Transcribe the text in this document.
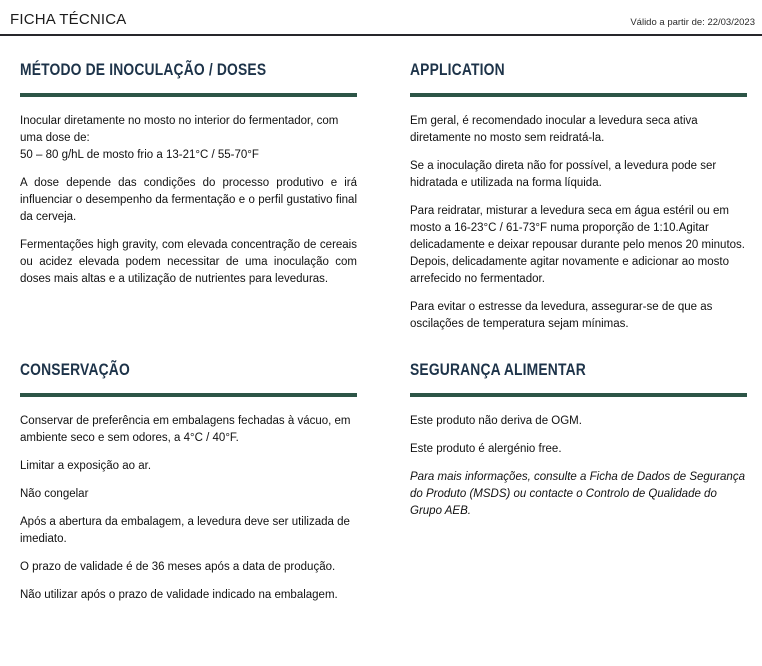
FICHA TÉCNICA	Válido a partir de: 22/03/2023
MÉTODO DE INOCULAÇÃO / DOSES

Inocular diretamente no mosto no interior do fermentador, com uma dose de:
50 – 80 g/hL de mosto frio a 13-21°C / 55-70°F

A dose depende das condições do processo produtivo e irá influenciar o desempenho da fermentação e o perfil gustativo final da cerveja.

Fermentações high gravity, com elevada concentração de cereais ou acidez elevada podem necessitar de uma inoculação com doses mais altas e a utilização de nutrientes para leveduras.

APPLICATION

Em geral, é recomendado inocular a levedura seca ativa diretamente no mosto sem reidratá-la.

Se a inoculação direta não for possível, a levedura pode ser hidratada e utilizada na forma líquida.

Para reidratar, misturar a levedura seca em água estéril ou em mosto a 16-23°C / 61-73°F numa proporção de 1:10.Agitar delicadamente e deixar repousar durante pelo menos 20 minutos. Depois, delicadamente agitar novamente e adicionar ao mosto arrefecido no fermentador.

Para evitar o estresse da levedura, assegurar-se de que as oscilações de temperatura sejam mínimas.

CONSERVAÇÃO

Conservar de preferência em embalagens fechadas à vácuo, em ambiente seco e sem odores, a 4°C / 40°F.

Limitar a exposição ao ar.

Não congelar

Após a abertura da embalagem, a levedura deve ser utilizada de imediato.

O prazo de validade é de 36 meses após a data de produção.

Não utilizar após o prazo de validade indicado na embalagem.

SEGURANÇA ALIMENTAR

Este produto não deriva de OGM.

Este produto é alergénio free.

Para mais informações, consulte a Ficha de Dados de Segurança do Produto (MSDS) ou contacte o Controlo de Qualidade do Grupo AEB.
